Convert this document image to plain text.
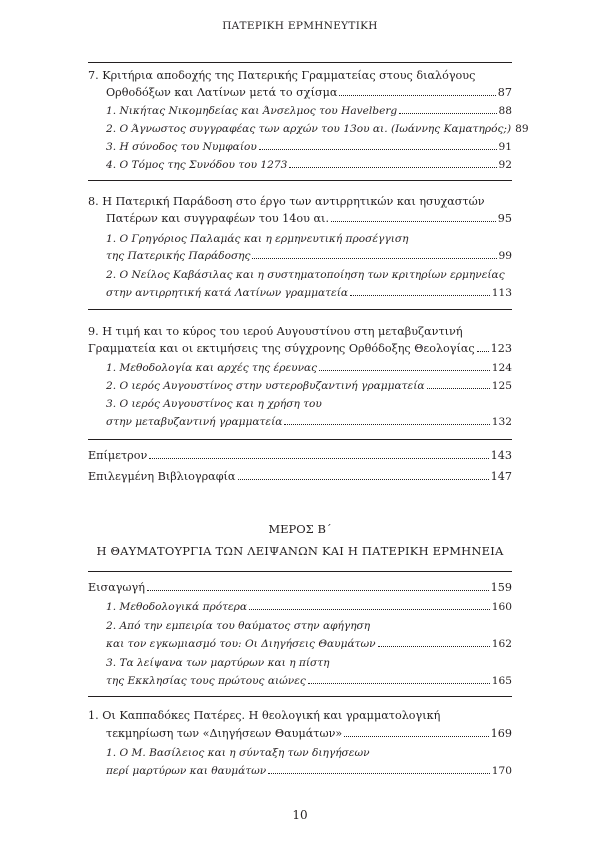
ΠΑΤΕΡΙΚΗ ΕΡΜΗΝΕΥΤΙΚΗ
7. Κριτήρια αποδοχής της Πατερικής Γραμματείας στους διαλόγους
Ορθοδόξων και Λατίνων μετά το σχίσμα	87
1. Νικήτας Νικομηδείας και Άνσελμος του Havelberg	88
2. Ο Άγνωστος συγγραφέας των αρχών του 13ου αι. (Ιωάννης Καματηρός;) 89
3. Η σύνοδος του Νυμφαίου	91
4. Ο Τόμος της Συνόδου του 1273	92
8. Η Πατερική Παράδοση στο έργο των αντιρρητικών και ησυχαστών
Πατέρων και συγγραφέων του 14ου αι.	95
1. Ο Γρηγόριος Παλαμάς και η ερμηνευτική προσέγγιση
της Πατερικής Παράδοσης	99
2. Ο Νείλος Καβάσιλας και η συστηματοποίηση των κριτηρίων ερμηνείας
στην αντιρρητική κατά Λατίνων γραμματεία	113
9. Η τιμή και το κύρος του ιερού Αυγουστίνου στη μεταβυζαντινή
Γραμματεία και οι εκτιμήσεις της σύγχρονης Ορθόδοξης Θεολογίας 123
1. Μεθοδολογία και αρχές της έρευνας	124
2. Ο ιερός Αυγουστίνος στην υστεροβυζαντινή γραμματεία	125
3. Ο ιερός Αυγουστίνος και η χρήση του
στην μεταβυζαντινή γραμματεία	132
Επίμετρον	143
Επιλεγμένη Βιβλιογραφία	147
ΜΕΡΟΣ Β΄
Η ΘΑΥΜΑΤΟΥΡΓΙΑ ΤΩΝ ΛΕΙΨΑΝΩΝ ΚΑΙ Η ΠΑΤΕΡΙΚΗ ΕΡΜΗΝΕΙΑ
Εισαγωγή	159
1. Μεθοδολογικά πρότερα	160
2. Από την εμπειρία του θαύματος στην αφήγηση
και τον εγκωμιασμό του: Οι Διηγήσεις Θαυμάτων	162
3. Τα λείψανα των μαρτύρων και η πίστη
της Εκκλησίας τους πρώτους αιώνες	165
1. Οι Καππαδόκες Πατέρες. Η θεολογική και γραμματολογική
τεκμηρίωση των «Διηγήσεων Θαυμάτων»	169
1. Ο Μ. Βασίλειος και η σύνταξη των διηγήσεων
περί μαρτύρων και θαυμάτων	170
10
